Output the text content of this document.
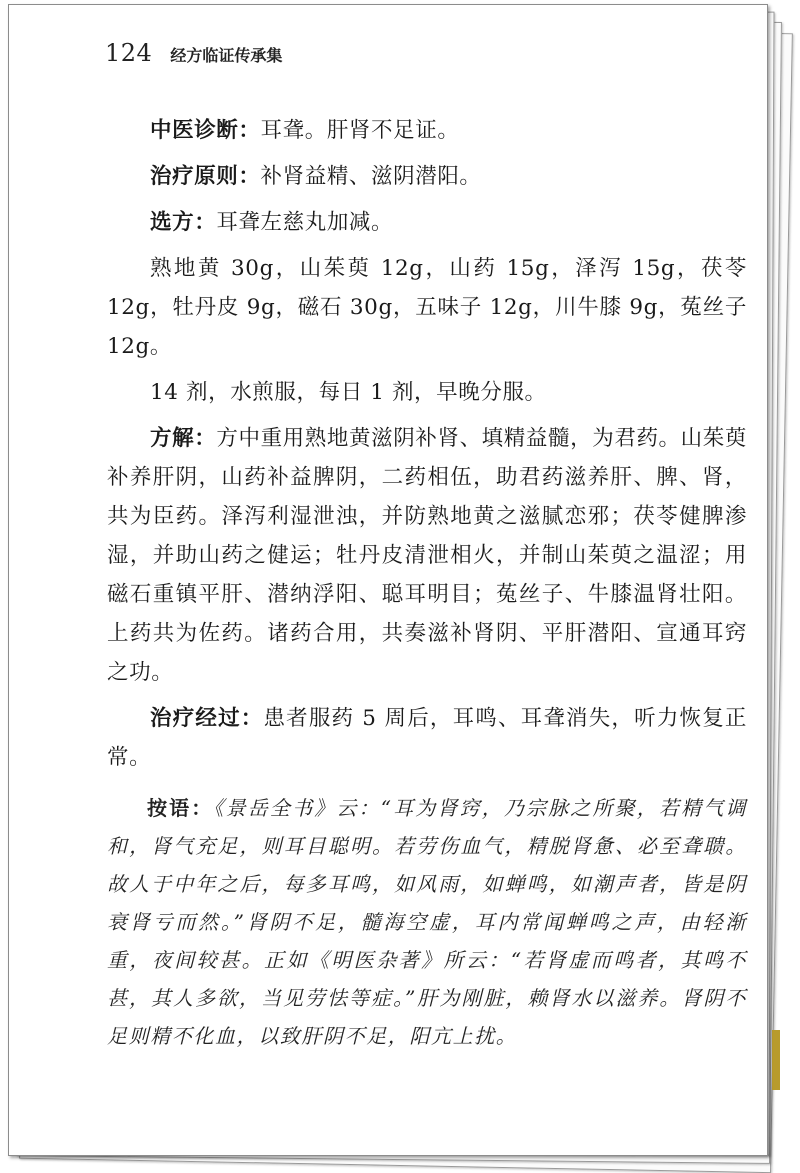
124 经方临证传承集

中医诊断：耳聋。肝肾不足证。

治疗原则：补肾益精、滋阴潜阳。

选方：耳聋左慈丸加减。

熟地黄 30g，山茱萸 12g，山药 15g，泽泻 15g，茯苓 12g，牡丹皮 9g，磁石 30g，五味子 12g，川牛膝 9g，菟丝子 12g。

14 剂，水煎服，每日 1 剂，早晚分服。

方解：方中重用熟地黄滋阴补肾、填精益髓，为君药。山茱萸补养肝阴，山药补益脾阴，二药相伍，助君药滋养肝、脾、肾，共为臣药。泽泻利湿泄浊，并防熟地黄之滋腻恋邪；茯苓健脾渗湿，并助山药之健运；牡丹皮清泄相火，并制山茱萸之温涩；用磁石重镇平肝、潜纳浮阳、聪耳明目；菟丝子、牛膝温肾壮阳。上药共为佐药。诸药合用，共奏滋补肾阴、平肝潜阳、宣通耳窍之功。

治疗经过：患者服药 5 周后，耳鸣、耳聋消失，听力恢复正常。

按语：《景岳全书》云：“耳为肾窍，乃宗脉之所聚，若精气调和，肾气充足，则耳目聪明。若劳伤血气，精脱肾惫、必至聋聩。故人于中年之后，每多耳鸣，如风雨，如蝉鸣，如潮声者，皆是阴衰肾亏而然。”肾阴不足，髓海空虚，耳内常闻蝉鸣之声，由轻渐重，夜间较甚。正如《明医杂著》所云：“若肾虚而鸣者，其鸣不甚，其人多欲，当见劳怯等症。”肝为刚脏，赖肾水以滋养。肾阴不足则精不化血，以致肝阴不足，阳亢上扰。
